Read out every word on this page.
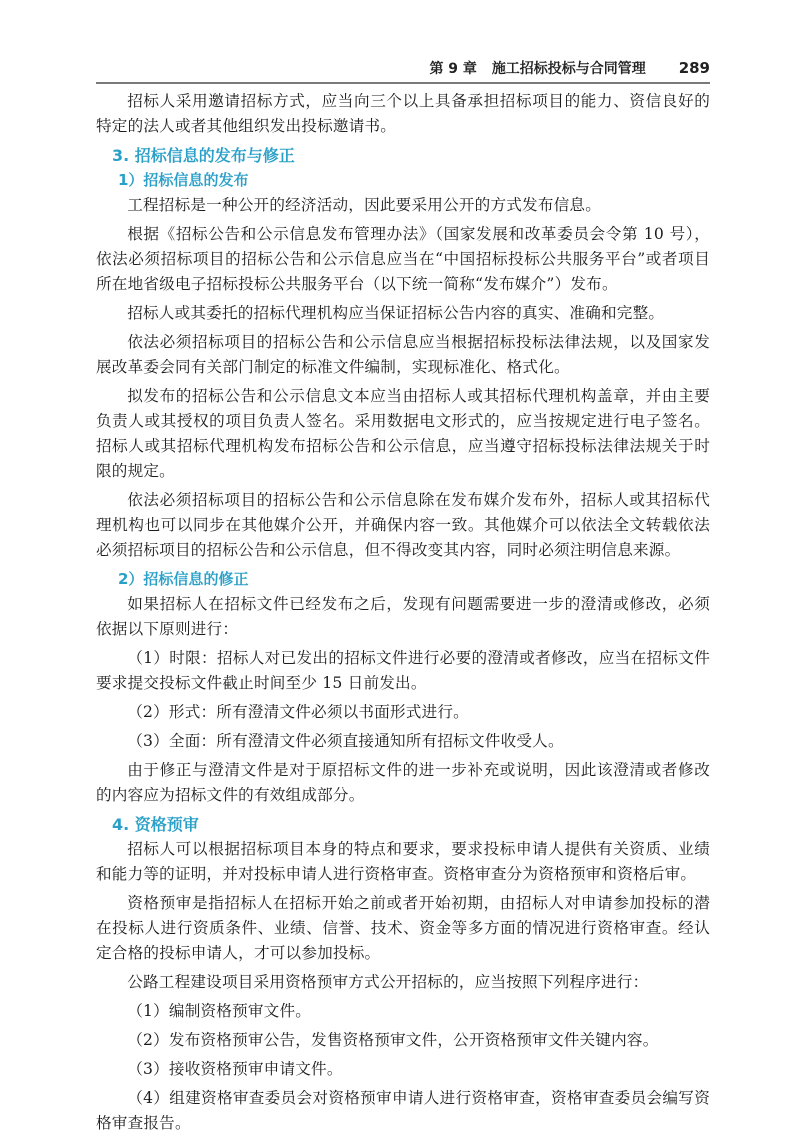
第 9 章 施工招标投标与合同管理 289

招标人采用邀请招标方式，应当向三个以上具备承担招标项目的能力、资信良好的特定的法人或者其他组织发出投标邀请书。

3. 招标信息的发布与修正
1）招标信息的发布

工程招标是一种公开的经济活动，因此要采用公开的方式发布信息。

根据《招标公告和公示信息发布管理办法》（国家发展和改革委员会令第 10 号），依法必须招标项目的招标公告和公示信息应当在“中国招标投标公共服务平台”或者项目所在地省级电子招标投标公共服务平台（以下统一简称“发布媒介”）发布。

招标人或其委托的招标代理机构应当保证招标公告内容的真实、准确和完整。

依法必须招标项目的招标公告和公示信息应当根据招标投标法律法规，以及国家发展改革委会同有关部门制定的标准文件编制，实现标准化、格式化。

拟发布的招标公告和公示信息文本应当由招标人或其招标代理机构盖章，并由主要负责人或其授权的项目负责人签名。采用数据电文形式的，应当按规定进行电子签名。招标人或其招标代理机构发布招标公告和公示信息，应当遵守招标投标法律法规关于时限的规定。

依法必须招标项目的招标公告和公示信息除在发布媒介发布外，招标人或其招标代理机构也可以同步在其他媒介公开，并确保内容一致。其他媒介可以依法全文转载依法必须招标项目的招标公告和公示信息，但不得改变其内容，同时必须注明信息来源。

2）招标信息的修正

如果招标人在招标文件已经发布之后，发现有问题需要进一步的澄清或修改，必须依据以下原则进行：

（1）时限：招标人对已发出的招标文件进行必要的澄清或者修改，应当在招标文件要求提交投标文件截止时间至少 15 日前发出。

（2）形式：所有澄清文件必须以书面形式进行。

（3）全面：所有澄清文件必须直接通知所有招标文件收受人。

由于修正与澄清文件是对于原招标文件的进一步补充或说明，因此该澄清或者修改的内容应为招标文件的有效组成部分。

4. 资格预审

招标人可以根据招标项目本身的特点和要求，要求投标申请人提供有关资质、业绩和能力等的证明，并对投标申请人进行资格审查。资格审查分为资格预审和资格后审。

资格预审是指招标人在招标开始之前或者开始初期，由招标人对申请参加投标的潜在投标人进行资质条件、业绩、信誉、技术、资金等多方面的情况进行资格审查。经认定合格的投标申请人，才可以参加投标。

公路工程建设项目采用资格预审方式公开招标的，应当按照下列程序进行：

（1）编制资格预审文件。

（2）发布资格预审公告，发售资格预审文件，公开资格预审文件关键内容。

（3）接收资格预审申请文件。

（4）组建资格审查委员会对资格预审申请人进行资格审查，资格审查委员会编写资格审查报告。
